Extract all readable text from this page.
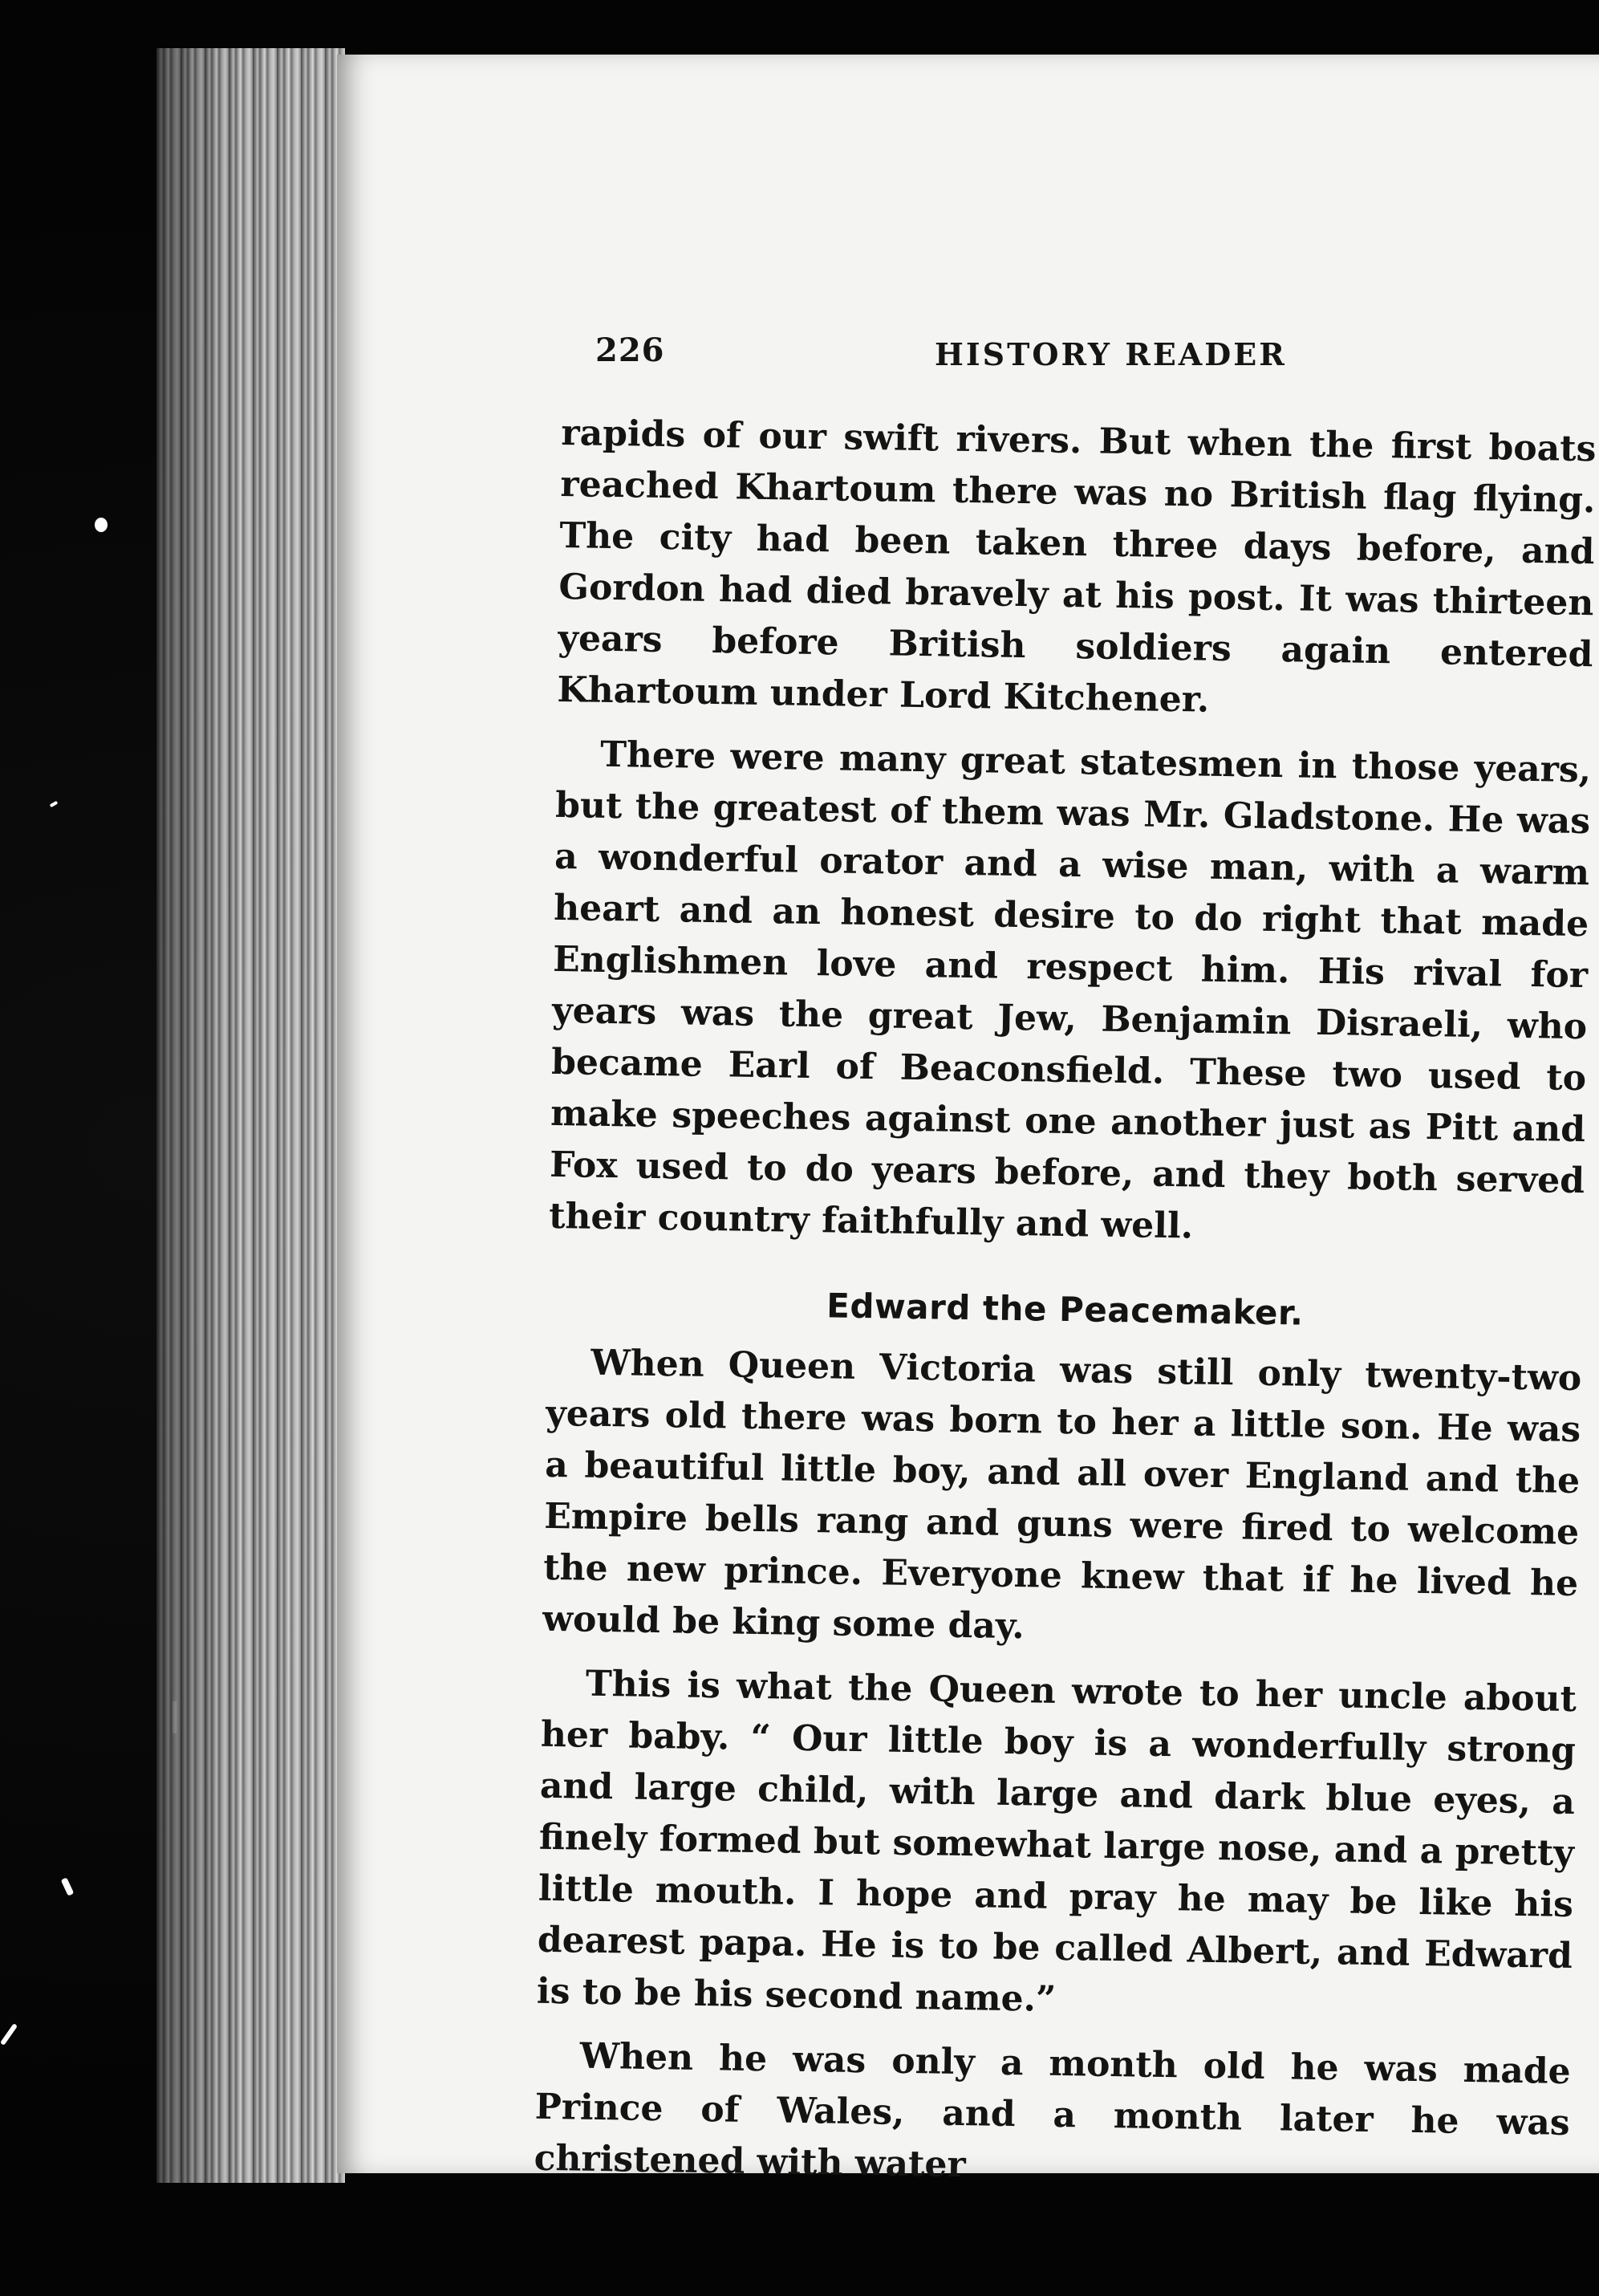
226	HISTORY READER

rapids of our swift rivers. But when the first boats reached Khartoum there was no British flag flying. The city had been taken three days before, and Gordon had died bravely at his post. It was thirteen years before British soldiers again entered Khartoum under Lord Kitchener.

There were many great statesmen in those years, but the greatest of them was Mr. Gladstone. He was a wonderful orator and a wise man, with a warm heart and an honest desire to do right that made Englishmen love and respect him. His rival for years was the great Jew, Benjamin Disraeli, who became Earl of Beaconsfield. These two used to make speeches against one another just as Pitt and Fox used to do years before, and they both served their country faithfully and well.

Edward the Peacemaker.

When Queen Victoria was still only twenty-two years old there was born to her a little son. He was a beautiful little boy, and all over England and the Empire bells rang and guns were fired to welcome the new prince. Everyone knew that if he lived he would be king some day.

This is what the Queen wrote to her uncle about her baby. “ Our little boy is a wonderfully strong and large child, with large and dark blue eyes, a finely formed but somewhat large nose, and a pretty little mouth. I hope and pray he may be like his dearest papa. He is to be called Albert, and Edward is to be his second name.”

When he was only a month old he was made Prince of Wales, and a month later he was christened with water
